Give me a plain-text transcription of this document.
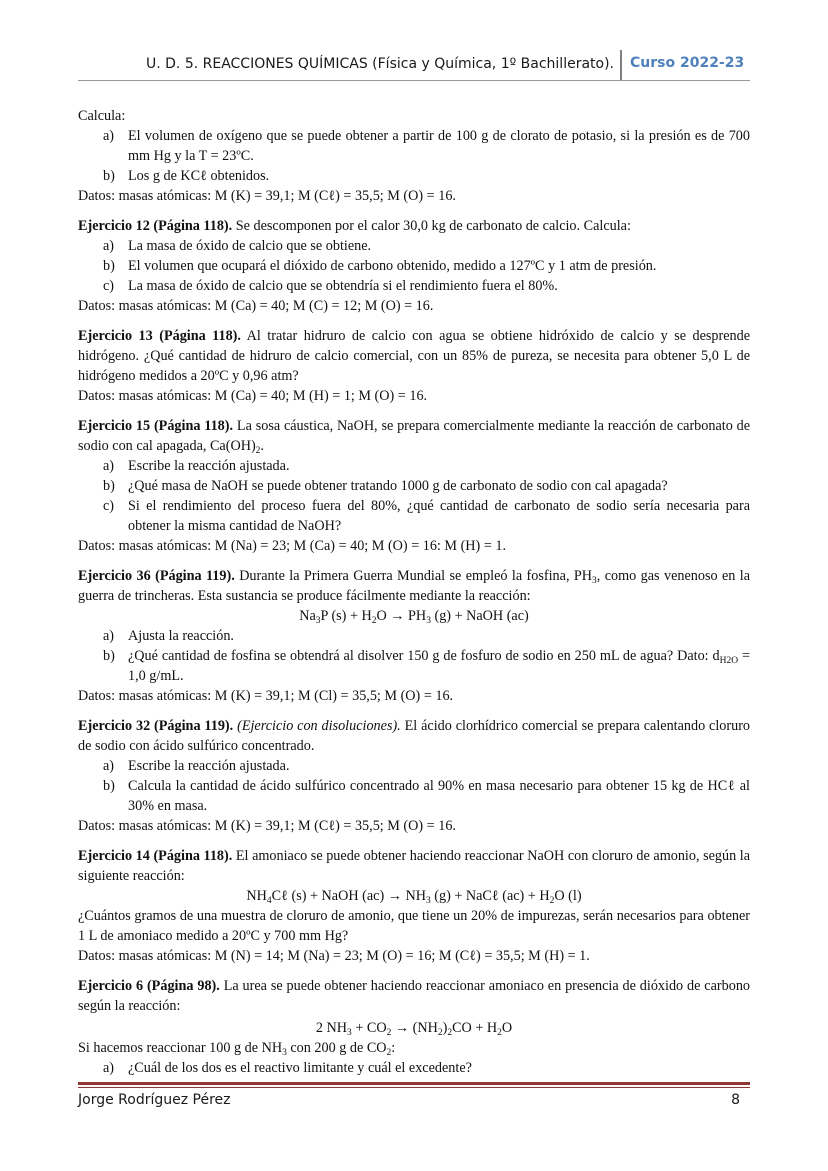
U. D. 5. REACCIONES QUÍMICAS (Física y Química, 1º Bachillerato). Curso 2022-23

Calcula:

a) El volumen de oxígeno que se puede obtener a partir de 100 g de clorato de potasio, si la presión es de 700 mm Hg y la T = 23ºC.
b) Los g de KCℓ obtenidos.

Datos: masas atómicas: M (K) = 39,1; M (Cℓ) = 35,5; M (O) = 16.

Ejercicio 12 (Página 118). Se descomponen por el calor 30,0 kg de carbonato de calcio. Calcula:

a) La masa de óxido de calcio que se obtiene.
b) El volumen que ocupará el dióxido de carbono obtenido, medido a 127ºC y 1 atm de presión.
c) La masa de óxido de calcio que se obtendría si el rendimiento fuera el 80%.

Datos: masas atómicas: M (Ca) = 40; M (C) = 12; M (O) = 16.

Ejercicio 13 (Página 118). Al tratar hidruro de calcio con agua se obtiene hidróxido de calcio y se desprende hidrógeno. ¿Qué cantidad de hidruro de calcio comercial, con un 85% de pureza, se necesita para obtener 5,0 L de hidrógeno medidos a 20ºC y 0,96 atm?

Datos: masas atómicas: M (Ca) = 40; M (H) = 1; M (O) = 16.

Ejercicio 15 (Página 118). La sosa cáustica, NaOH, se prepara comercialmente mediante la reacción de carbonato de sodio con cal apagada, $Ca(OH)_2$.

a) Escribe la reacción ajustada.
b) ¿Qué masa de NaOH se puede obtener tratando 1000 g de carbonato de sodio con cal apagada?
c) Si el rendimiento del proceso fuera del 80%, ¿qué cantidad de carbonato de sodio sería necesaria para obtener la misma cantidad de NaOH?

Datos: masas atómicas: M (Na) = 23; M (Ca) = 40; M (O) = 16: M (H) = 1.

Ejercicio 36 (Página 119). Durante la Primera Guerra Mundial se empleó la fosfina, $PH_3$, como gas venenoso en la guerra de trincheras. Esta sustancia se produce fácilmente mediante la reacción:

$Na_3P$ $(s) + H_2O \to PH_3$ (g) + NaOH (ac)

a) Ajusta la reacción.
b) ¿Qué cantidad de fosfina se obtendrá al disolver 150 g de fosfuro de sodio en 250 mL de agua? Dato: $d_{H2O} = 1,0$ g/mL.

Datos: masas atómicas: M (K) = 39,1; M (Cl) = 35,5; M (O) = 16.

Ejercicio 32 (Página 119). (Ejercicio con disoluciones). El ácido clorhídrico comercial se prepara calentando cloruro de sodio con ácido sulfúrico concentrado.

a) Escribe la reacción ajustada.
b) Calcula la cantidad de ácido sulfúrico concentrado al 90% en masa necesario para obtener 15 kg de HCℓ al 30% en masa.

Datos: masas atómicas: M (K) = 39,1; M (Cℓ) = 35,5; M (O) = 16.

Ejercicio 14 (Página 118). El amoniaco se puede obtener haciendo reaccionar NaOH con cloruro de amonio, según la siguiente reacción:

$NH_4C\ell$ (s) + NaOH $(ac) \to NH_3$ (g) + NaCℓ $(ac) + H_2O$ (l)

¿Cuántos gramos de una muestra de cloruro de amonio, que tiene un 20% de impurezas, serán necesarios para obtener 1 L de amoniaco medido a 20ºC y 700 mm Hg?

Datos: masas atómicas: M (N) = 14; M (Na) = 23; M (O) = 16; M (Cℓ) = 35,5; M (H) = 1.

Ejercicio 6 (Página 98). La urea se puede obtener haciendo reaccionar amoniaco en presencia de dióxido de carbono según la reacción:

2 $NH_3 + CO_2 \to (NH_2)_2CO + H_2O$

Si hacemos reaccionar 100 g de $NH_3$ con 200 g de $CO_2$:

a) ¿Cuál de los dos es el reactivo limitante y cuál el excedente?
Jorge Rodríguez Pérez	8
